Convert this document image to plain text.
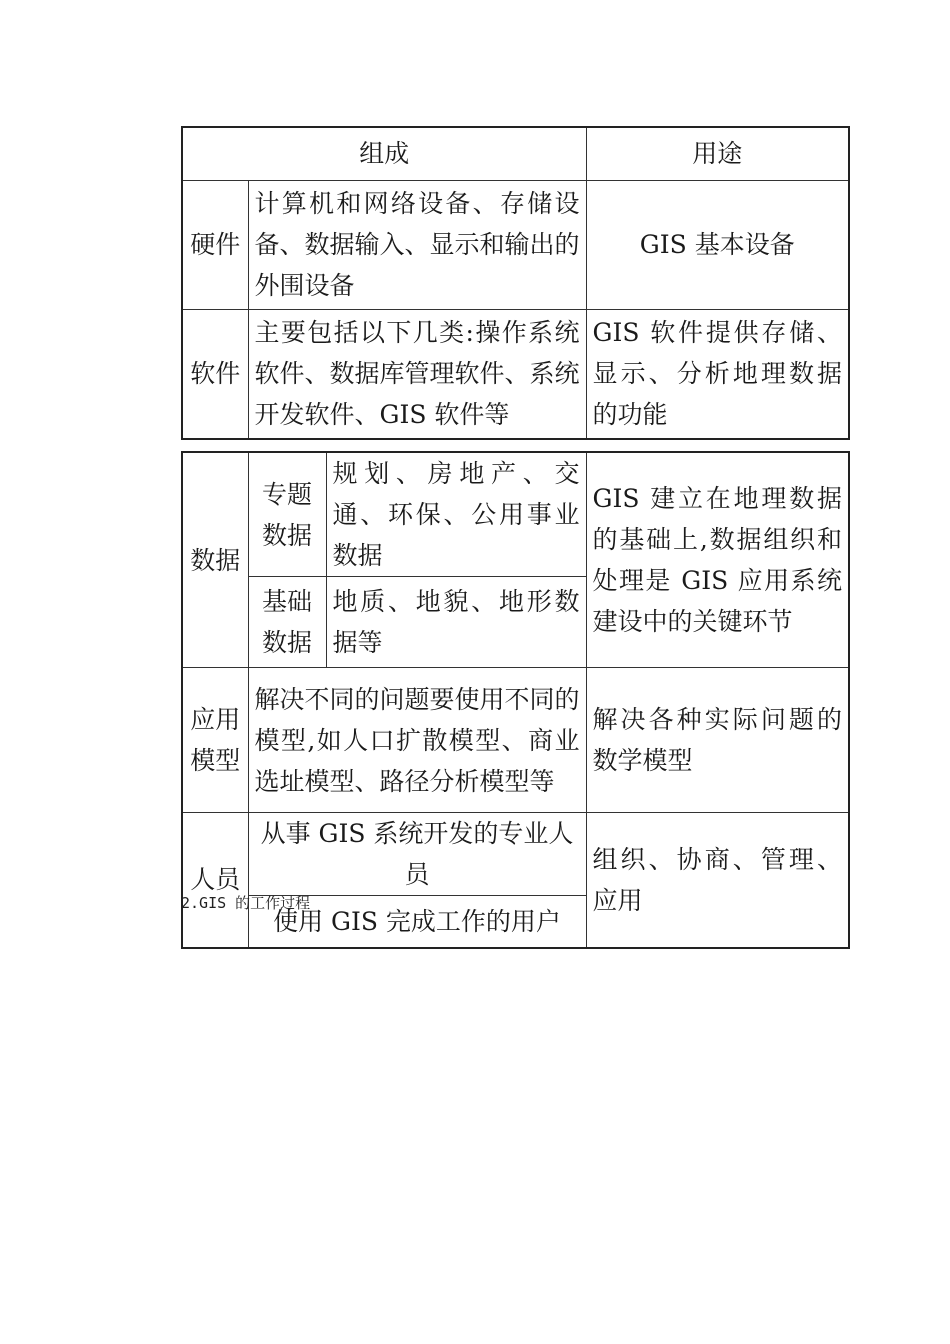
组成		用途
硬件	计算机和网络设备、存储设备、数据输入、显示和输出的外围设备	GIS 基本设备
软件	主要包括以下几类:操作系统软件、数据库管理软件、系统开发软件、GIS 软件等	GIS 软件提供存储、显示、分析地理数据的功能
数据	专题数据	规划、房地产、交通、环保、公用事业数据	GIS 建立在地理数据的基础上,数据组织和处理是 GIS 应用系统建设中的关键环节
	基础数据	地质、地貌、地形数据等	
应用模型	解决不同的问题要使用不同的模型,如人口扩散模型、商业选址模型、路径分析模型等		解决各种实际问题的数学模型
人员	从事 GIS 系统开发的专业人员		组织、协商、管理、应用
	使用 GIS 完成工作的用户		
2.GIS 的工作过程
